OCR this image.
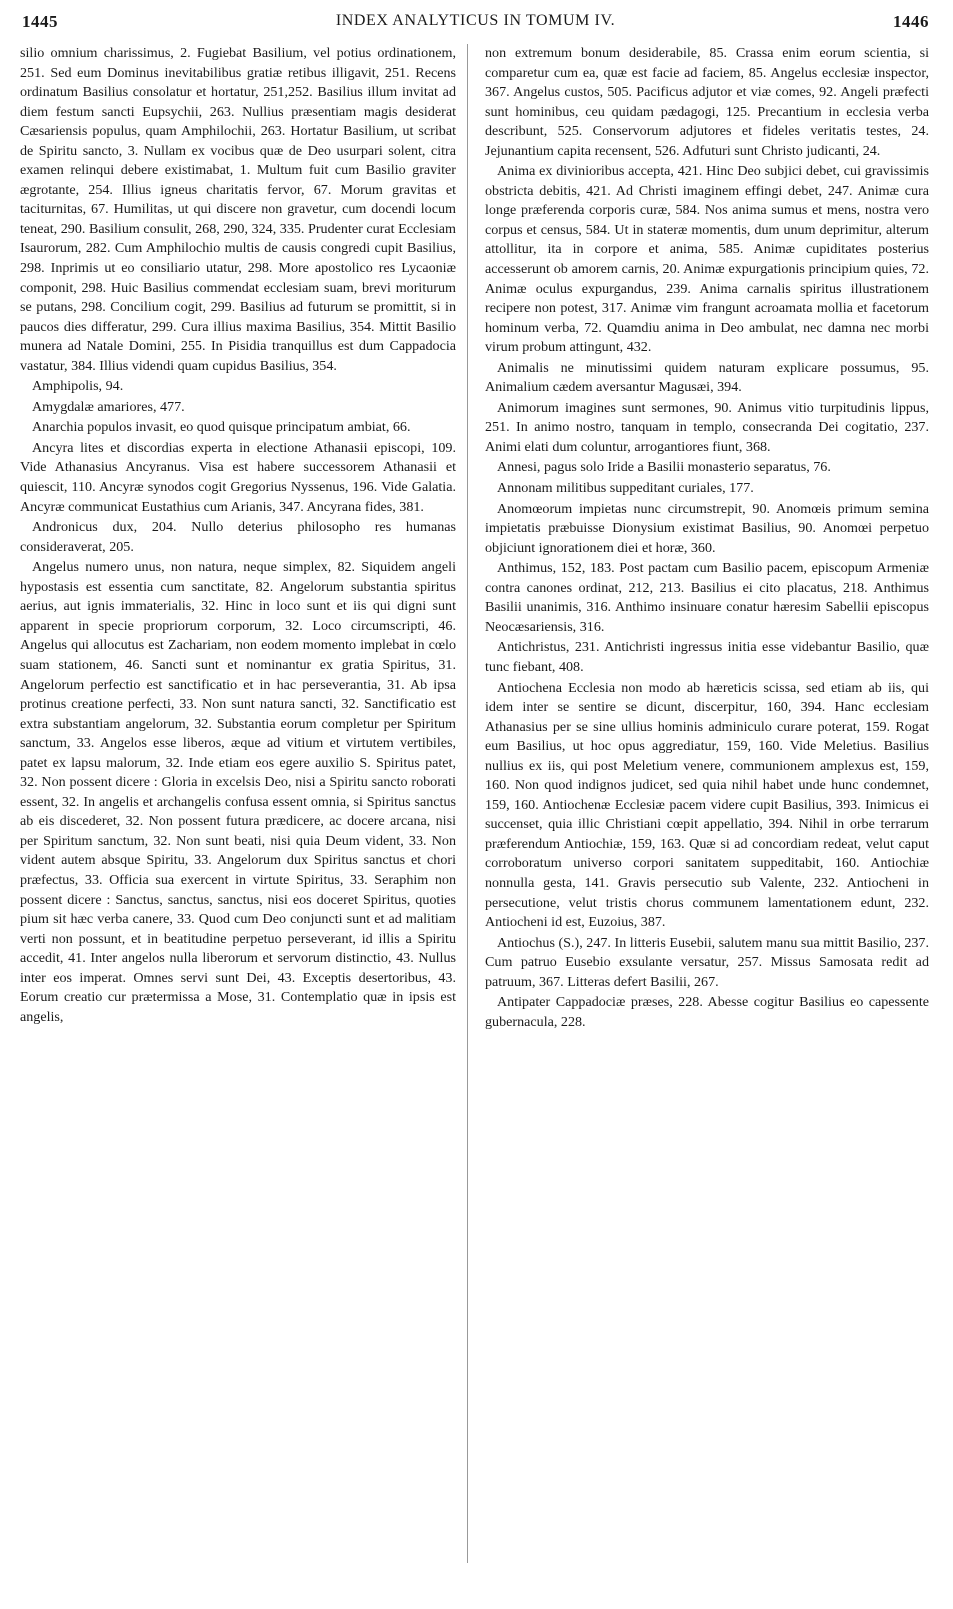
1445	INDEX ANALYTICUS IN TOMUM IV.	1446

silio omnium charissimus, 2. Fugiebat Basilium, vel potius ordinationem, 251. Sed eum Dominus inevitabilibus gratiæ retibus illigavit, 251. Recens ordinatum Basilius consolatur et hortatur, 251,252. Basilius illum invitat ad diem festum sancti Eupsychii, 263. Nullius præsentiam magis desiderat Cæsariensis populus, quam Amphilochii, 263. Hortatur Basilium, ut scribat de Spiritu sancto, 3. Nullam ex vocibus quæ de Deo usurpari solent, citra examen relinqui debere existimabat, 1. Multum fuit cum Basilio graviter ægrotante, 254. Illius igneus charitatis fervor, 67. Morum gravitas et taciturnitas, 67. Humilitas, ut qui discere non gravetur, cum docendi locum teneat, 290. Basilium consulit, 268, 290, 324, 335. Prudenter curat Ecclesiam Isaurorum, 282. Cum Amphilochio multis de causis congredi cupit Basilius, 298. Inprimis ut eo consiliario utatur, 298. More apostolico res Lycaoniæ componit, 298. Huic Basilius commendat ecclesiam suam, brevi moriturum se putans, 298. Concilium cogit, 299. Basilius ad futurum se promittit, si in paucos dies differatur, 299. Cura illius maxima Basilius, 354. Mittit Basilio munera ad Natale Domini, 255. In Pisidia tranquillus est dum Cappadocia vastatur, 384. Illius videndi quam cupidus Basilius, 354.

Amphipolis, 94.

Amygdalæ amariores, 477.

Anarchia populos invasit, eo quod quisque principatum ambiat, 66.

Ancyra lites et discordias experta in electione Athanasii episcopi, 109. Vide Athanasius Ancyranus. Visa est habere successorem Athanasii et quiescit, 110. Ancyræ synodos cogit Gregorius Nyssenus, 196. Vide Galatia. Ancyræ communicat Eustathius cum Arianis, 347. Ancyrana fides, 381.

Andronicus dux, 204. Nullo deterius philosopho res humanas consideraverat, 205.

Angelus numero unus, non natura, neque simplex, 82. Siquidem angeli hypostasis est essentia cum sanctitate, 82. Angelorum substantia spiritus aerius, aut ignis immaterialis, 32. Hinc in loco sunt et iis qui digni sunt apparent in specie propriorum corporum, 32. Loco circumscripti, 46. Angelus qui allocutus est Zachariam, non eodem momento implebat in cœlo suam stationem, 46. Sancti sunt et nominantur ex gratia Spiritus, 31. Angelorum perfectio est sanctificatio et in hac perseverantia, 31. Ab ipsa protinus creatione perfecti, 33. Non sunt natura sancti, 32. Sanctificatio est extra substantiam angelorum, 32. Substantia eorum completur per Spiritum sanctum, 33. Angelos esse liberos, æque ad vitium et virtutem vertibiles, patet ex lapsu malorum, 32. Inde etiam eos egere auxilio S. Spiritus patet, 32. Non possent dicere : Gloria in excelsis Deo, nisi a Spiritu sancto roborati essent, 32. In angelis et archangelis confusa essent omnia, si Spiritus sanctus ab eis discederet, 32. Non possent futura prædicere, ac docere arcana, nisi per Spiritum sanctum, 32. Non sunt beati, nisi quia Deum vident, 33. Non vident autem absque Spiritu, 33. Angelorum dux Spiritus sanctus et chori præfectus, 33. Officia sua exercent in virtute Spiritus, 33. Seraphim non possent dicere : Sanctus, sanctus, sanctus, nisi eos doceret Spiritus, quoties pium sit hæc verba canere, 33. Quod cum Deo conjuncti sunt et ad malitiam verti non possunt, et in beatitudine perpetuo perseverant, id illis a Spiritu accedit, 41. Inter angelos nulla liberorum et servorum distinctio, 43. Nullus inter eos imperat. Omnes servi sunt Dei, 43. Exceptis desertoribus, 43. Eorum creatio cur prætermissa a Mose, 31. Contemplatio quæ in ipsis est angelis,

non extremum bonum desiderabile, 85. Crassa enim eorum scientia, si comparetur cum ea, quæ est facie ad faciem, 85. Angelus ecclesiæ inspector, 367. Angelus custos, 505. Pacificus adjutor et viæ comes, 92. Angeli præfecti sunt hominibus, ceu quidam pædagogi, 125. Precantium in ecclesia verba describunt, 525. Conservorum adjutores et fideles veritatis testes, 24. Jejunantium capita recensent, 526. Adfuturi sunt Christo judicanti, 24.

Anima ex divinioribus accepta, 421. Hinc Deo subjici debet, cui gravissimis obstricta debitis, 421. Ad Christi imaginem effingi debet, 247. Animæ cura longe præferenda corporis curæ, 584. Nos anima sumus et mens, nostra vero corpus et census, 584. Ut in stateræ momentis, dum unum deprimitur, alterum attollitur, ita in corpore et anima, 585. Animæ cupiditates posterius accesserunt ob amorem carnis, 20. Animæ expurgationis principium quies, 72. Animæ oculus expurgandus, 239. Anima carnalis spiritus illustrationem recipere non potest, 317. Animæ vim frangunt acroamata mollia et facetorum hominum verba, 72. Quamdiu anima in Deo ambulat, nec damna nec morbi virum probum attingunt, 432.

Animalis ne minutissimi quidem naturam explicare possumus, 95. Animalium cædem aversantur Magusæi, 394.

Animorum imagines sunt sermones, 90. Animus vitio turpitudinis lippus, 251. In animo nostro, tanquam in templo, consecranda Dei cogitatio, 237. Animi elati dum coluntur, arrogantiores fiunt, 368.

Annesi, pagus solo Iride a Basilii monasterio separatus, 76.

Annonam militibus suppeditant curiales, 177.

Anomœorum impietas nunc circumstrepit, 90. Anomœis primum semina impietatis præbuisse Dionysium existimat Basilius, 90. Anomœi perpetuo objiciunt ignorationem diei et horæ, 360.

Anthimus, 152, 183. Post pactam cum Basilio pacem, episcopum Armeniæ contra canones ordinat, 212, 213. Basilius ei cito placatus, 218. Anthimus Basilii unanimis, 316. Anthimo insinuare conatur hæresim Sabellii episcopus Neocæsariensis, 316.

Antichristus, 231. Antichristi ingressus initia esse videbantur Basilio, quæ tunc fiebant, 408.

Antiochena Ecclesia non modo ab hæreticis scissa, sed etiam ab iis, qui idem inter se sentire se dicunt, discerpitur, 160, 394. Hanc ecclesiam Athanasius per se sine ullius hominis adminiculo curare poterat, 159. Rogat eum Basilius, ut hoc opus aggrediatur, 159, 160. Vide Meletius. Basilius nullius ex iis, qui post Meletium venere, communionem amplexus est, 159, 160. Non quod indignos judicet, sed quia nihil habet unde hunc condemnet, 159, 160. Antiochenæ Ecclesiæ pacem videre cupit Basilius, 393. Inimicus ei succenset, quia illic Christiani cœpit appellatio, 394. Nihil in orbe terrarum præferendum Antiochiæ, 159, 163. Quæ si ad concordiam redeat, velut caput corroboratum universo corpori sanitatem suppeditabit, 160. Antiochiæ nonnulla gesta, 141. Gravis persecutio sub Valente, 232. Antiocheni in persecutione, velut tristis chorus communem lamentationem edunt, 232. Antiocheni id est, Euzoius, 387.

Antiochus (S.), 247. In litteris Eusebii, salutem manu sua mittit Basilio, 237. Cum patruo Eusebio exsulante versatur, 257. Missus Samosata redit ad patruum, 367. Litteras defert Basilii, 267.

Antipater Cappadociæ præses, 228. Abesse cogitur Basilius eo capessente gubernacula, 228.
